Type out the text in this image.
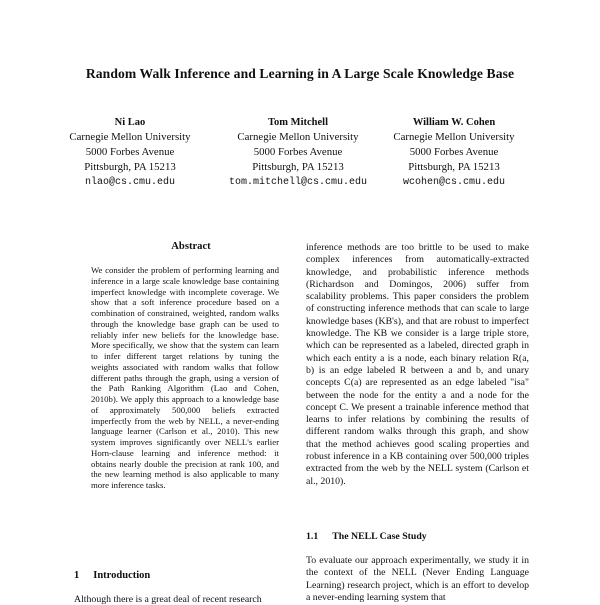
Random Walk Inference and Learning in A Large Scale Knowledge Base
Ni Lao
Carnegie Mellon University
5000 Forbes Avenue
Pittsburgh, PA 15213
nlao@cs.cmu.edu
Tom Mitchell
Carnegie Mellon University
5000 Forbes Avenue
Pittsburgh, PA 15213
tom.mitchell@cs.cmu.edu
William W. Cohen
Carnegie Mellon University
5000 Forbes Avenue
Pittsburgh, PA 15213
wcohen@cs.cmu.edu
Abstract
We consider the problem of performing learning and inference in a large scale knowledge base containing imperfect knowledge with incomplete coverage. We show that a soft inference procedure based on a combination of constrained, weighted, random walks through the knowledge base graph can be used to reliably infer new beliefs for the knowledge base. More specifically, we show that the system can learn to infer different target relations by tuning the weights associated with random walks that follow different paths through the graph, using a version of the Path Ranking Algorithm (Lao and Cohen, 2010b). We apply this approach to a knowledge base of approximately 500,000 beliefs extracted imperfectly from the web by NELL, a never-ending language learner (Carlson et al., 2010). This new system improves significantly over NELL's earlier Horn-clause learning and inference method: it obtains nearly double the precision at rank 100, and the new learning method is also applicable to many more inference tasks.
1 Introduction
Although there is a great deal of recent research
inference methods are too brittle to be used to make complex inferences from automatically-extracted knowledge, and probabilistic inference methods (Richardson and Domingos, 2006) suffer from scalability problems. This paper considers the problem of constructing inference methods that can scale to large knowledge bases (KB's), and that are robust to imperfect knowledge. The KB we consider is a large triple store, which can be represented as a labeled, directed graph in which each entity a is a node, each binary relation R(a, b) is an edge labeled R between a and b, and unary concepts C(a) are represented as an edge labeled "isa" between the node for the entity a and a node for the concept C. We present a trainable inference method that learns to infer relations by combining the results of different random walks through this graph, and show that the method achieves good scaling properties and robust inference in a KB containing over 500,000 triples extracted from the web by the NELL system (Carlson et al., 2010).
1.1 The NELL Case Study
To evaluate our approach experimentally, we study it in the context of the NELL (Never Ending Language Learning) research project, which is an effort to develop a never-ending learning system that
